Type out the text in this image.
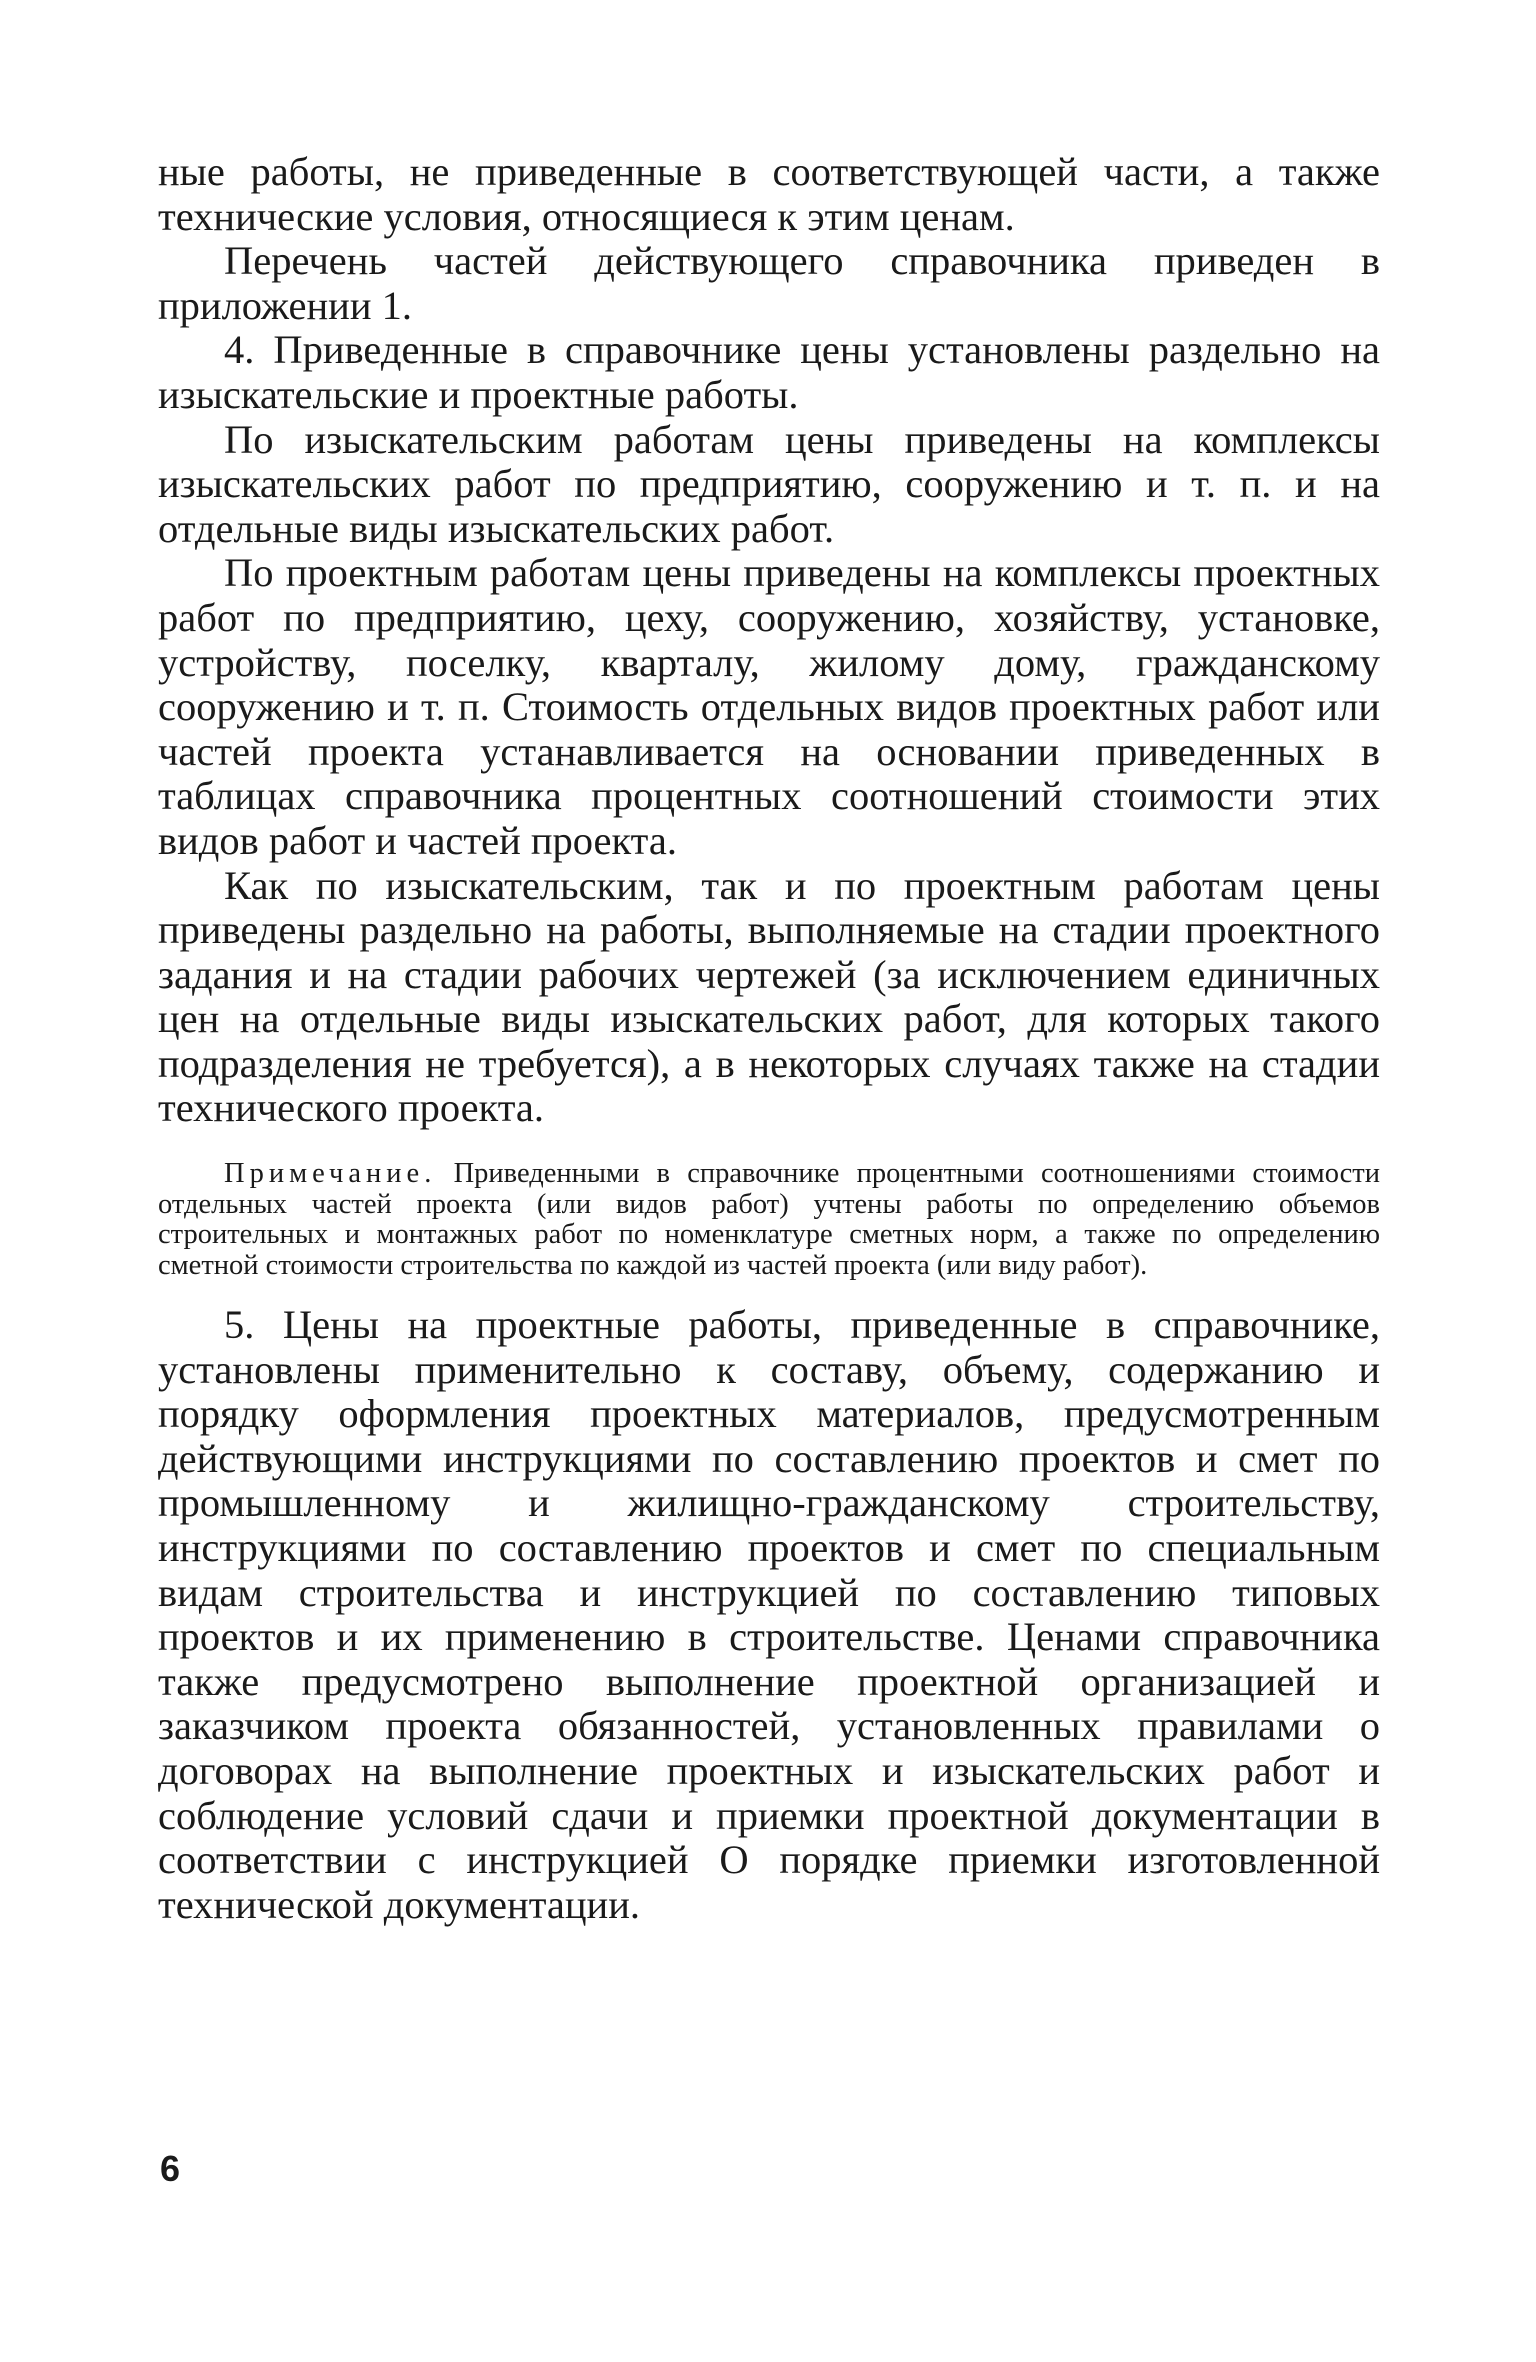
ные работы, не приведенные в соответствующей части, а также технические условия, относящиеся к этим ценам.

Перечень частей действующего справочника приведен в приложении 1.

4. Приведенные в справочнике цены установлены раздельно на изыскательские и проектные работы.

По изыскательским работам цены приведены на комплексы изыскательских работ по предприятию, сооружению и т. п. и на отдельные виды изыскательских работ.

По проектным работам цены приведены на комплексы проектных работ по предприятию, цеху, сооружению, хозяйству, установке, устройству, поселку, кварталу, жилому дому, гражданскому сооружению и т. п. Стоимость отдельных видов проектных работ или частей проекта устанавливается на основании приведенных в таблицах справочника процентных соотношений стоимости этих видов работ и частей проекта.

Как по изыскательским, так и по проектным работам цены приведены раздельно на работы, выполняемые на стадии проектного задания и на стадии рабочих чертежей (за исключением единичных цен на отдельные виды изыскательских работ, для которых такого подразделения не требуется), а в некоторых случаях также на стадии технического проекта.

Примечание. Приведенными в справочнике процентными соотношениями стоимости отдельных частей проекта (или видов работ) учтены работы по определению объемов строительных и монтажных работ по номенклатуре сметных норм, а также по определению сметной стоимости строительства по каждой из частей проекта (или виду работ).

5. Цены на проектные работы, приведенные в справочнике, установлены применительно к составу, объему, содержанию и порядку оформления проектных материалов, предусмотренным действующими инструкциями по составлению проектов и смет по промышленному и жилищно-гражданскому строительству, инструкциями по составлению проектов и смет по специальным видам строительства и инструкцией по составлению типовых проектов и их применению в строительстве. Ценами справочника также предусмотрено выполнение проектной организацией и заказчиком проекта обязанностей, установленных правилами о договорах на выполнение проектных и изыскательских работ и соблюдение условий сдачи и приемки проектной документации в соответствии с инструкцией О порядке приемки изготовленной технической документации.

6
